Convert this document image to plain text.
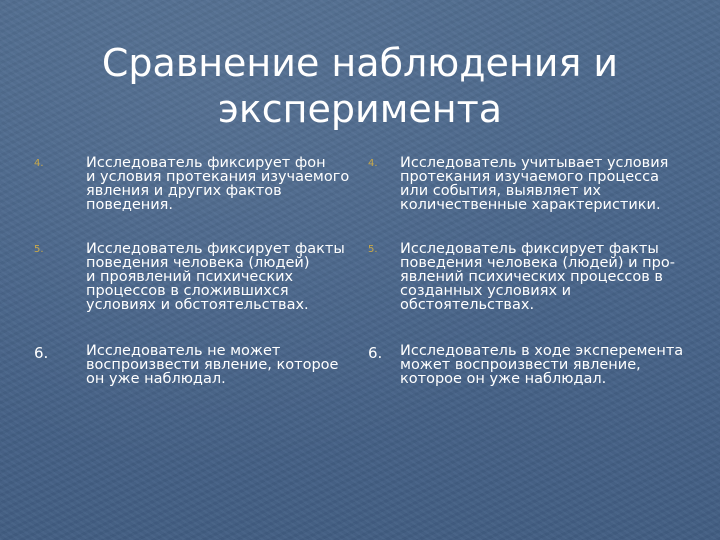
Сравнение наблюдения и
эксперимента
4.	Исследователь фиксирует фон
и условия протекания изучаемого
явления и других фактов
поведения.

5.	Исследователь фиксирует факты
поведения человека (людей)
и проявлений психических
процессов в сложившихся
условиях и обстоятельствах.

6.	Исследователь не может
воспроизвести явление, которое
он уже наблюдал.

4.	Исследователь учитывает условия
протекания изучаемого процесса
или события, выявляет их
количественные характеристики.

5.	Исследователь фиксирует факты
поведения человека (людей) и про-
явлений психических процессов в
созданных условиях и
обстоятельствах.

6.	Исследователь в ходе эксперемента
может воспроизвести явление,
которое он уже наблюдал.
